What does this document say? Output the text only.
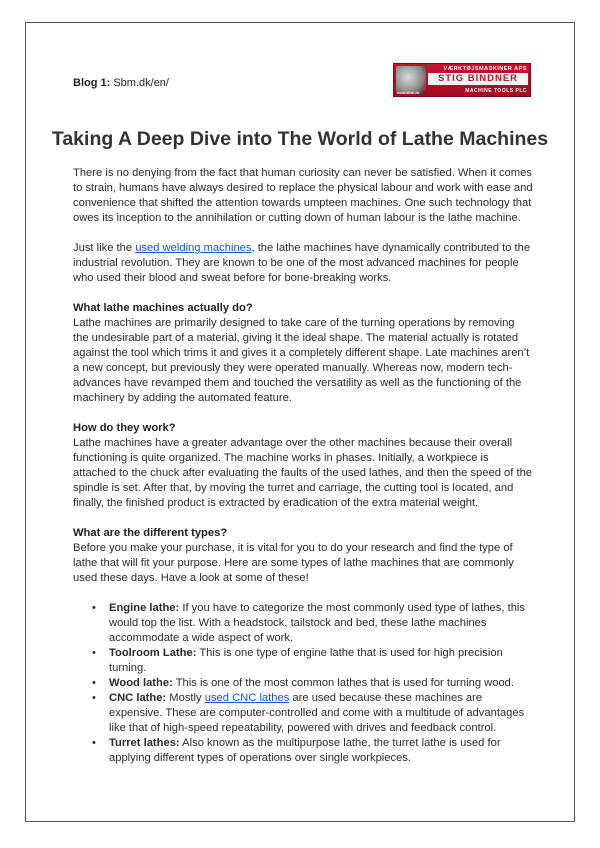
Blog 1: Sbm.dk/en/
VÆRKTØJSMASKINER APS
STIG BINDNER
MACHINE TOOLS PLC
www.sbm.dk
Taking A Deep Dive into The World of Lathe Machines

There is no denying from the fact that human curiosity can never be satisfied. When it comes to strain, humans have always desired to replace the physical labour and work with ease and convenience that shifted the attention towards umpteen machines. One such technology that owes its inception to the annihilation or cutting down of human labour is the lathe machine.

Just like the used welding machines, the lathe machines have dynamically contributed to the industrial revolution. They are known to be one of the most advanced machines for people who used their blood and sweat before for bone-breaking works.

What lathe machines actually do?

Lathe machines are primarily designed to take care of the turning operations by removing the undesirable part of a material, giving it the ideal shape. The material actually is rotated against the tool which trims it and gives it a completely different shape. Late machines aren’t a new concept, but previously they were operated manually. Whereas now, modern tech-advances have revamped them and touched the versatility as well as the functioning of the machinery by adding the automated feature.

How do they work?

Lathe machines have a greater advantage over the other machines because their overall functioning is quite organized. The machine works in phases. Initially, a workpiece is attached to the chuck after evaluating the faults of the used lathes, and then the speed of the spindle is set. After that, by moving the turret and carriage, the cutting tool is located, and finally, the finished product is extracted by eradication of the extra material weight.

What are the different types?

Before you make your purchase, it is vital for you to do your research and find the type of lathe that will fit your purpose. Here are some types of lathe machines that are commonly used these days. Have a look at some of these!

• Engine lathe: If you have to categorize the most commonly used type of lathes, this would top the list. With a headstock, tailstock and bed, these lathe machines accommodate a wide aspect of work.
• Toolroom Lathe: This is one type of engine lathe that is used for high precision turning.
• Wood lathe: This is one of the most common lathes that is used for turning wood.
• CNC lathe: Mostly used CNC lathes are used because these machines are expensive. These are computer-controlled and come with a multitude of advantages like that of high-speed repeatability, powered with drives and feedback control.
• Turret lathes: Also known as the multipurpose lathe, the turret lathe is used for applying different types of operations over single workpieces.
